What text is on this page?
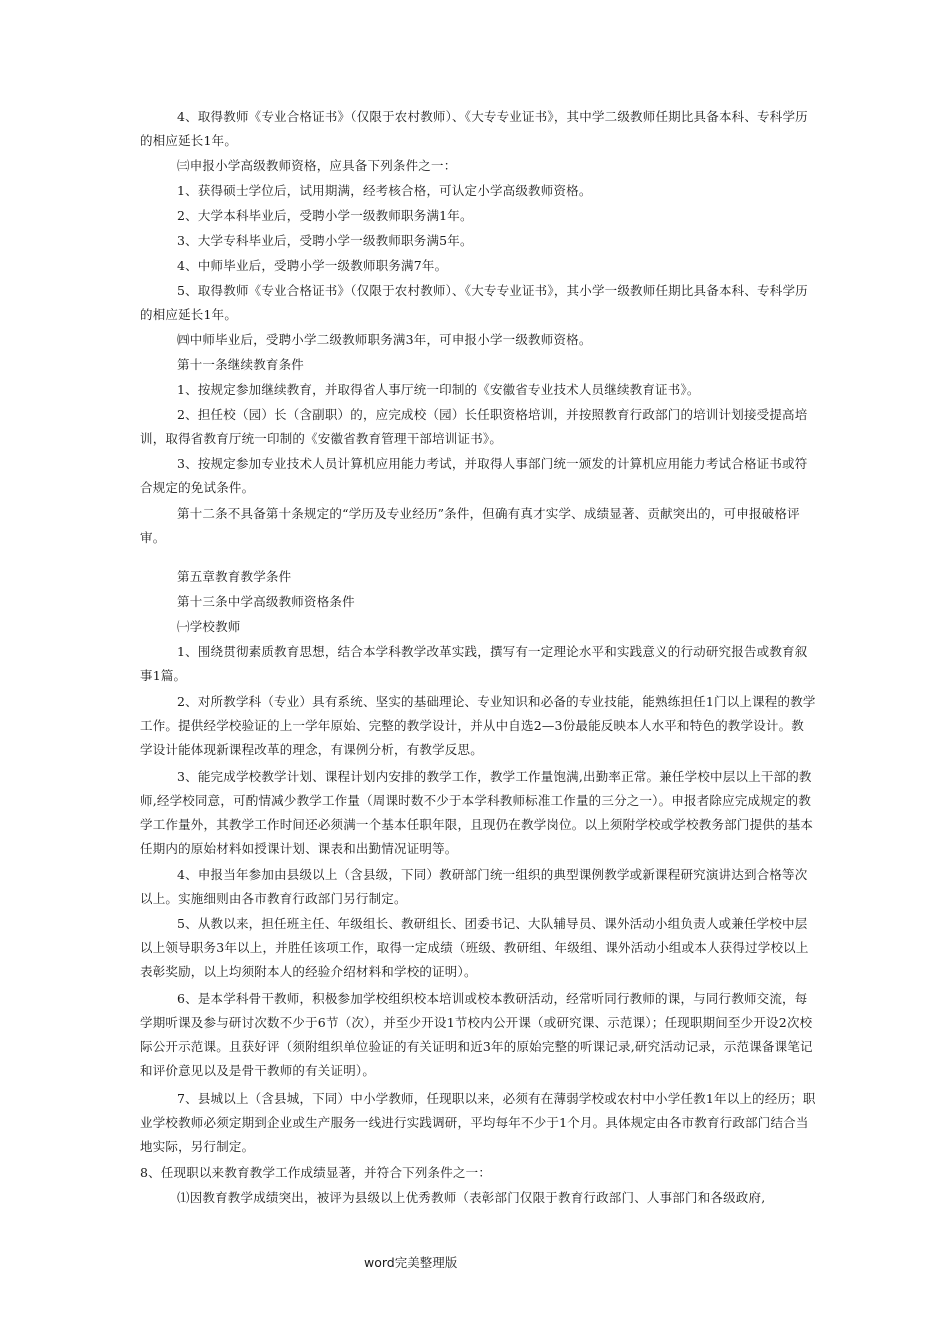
4、取得教师《专业合格证书》（仅限于农村教师）、《大专专业证书》，其中学二级教师任期比具备本科、专科学历的相应延长1年。

㈢申报小学高级教师资格，应具备下列条件之一：

1、获得硕士学位后，试用期满，经考核合格，可认定小学高级教师资格。

2、大学本科毕业后，受聘小学一级教师职务满1年。

3、大学专科毕业后，受聘小学一级教师职务满5年。

4、中师毕业后，受聘小学一级教师职务满7年。

5、取得教师《专业合格证书》（仅限于农村教师）、《大专专业证书》，其小学一级教师任期比具备本科、专科学历的相应延长1年。

㈣中师毕业后，受聘小学二级教师职务满3年，可申报小学一级教师资格。

第十一条继续教育条件

1、按规定参加继续教育，并取得省人事厅统一印制的《安徽省专业技术人员继续教育证书》。

2、担任校（园）长（含副职）的，应完成校（园）长任职资格培训，并按照教育行政部门的培训计划接受提高培训，取得省教育厅统一印制的《安徽省教育管理干部培训证书》。

3、按规定参加专业技术人员计算机应用能力考试，并取得人事部门统一颁发的计算机应用能力考试合格证书或符合规定的免试条件。

第十二条不具备第十条规定的“学历及专业经历”条件，但确有真才实学、成绩显著、贡献突出的，可申报破格评审。

第五章教育教学条件

第十三条中学高级教师资格条件

㈠学校教师

1、围绕贯彻素质教育思想，结合本学科教学改革实践，撰写有一定理论水平和实践意义的行动研究报告或教育叙事1篇。

2、对所教学科（专业）具有系统、坚实的基础理论、专业知识和必备的专业技能，能熟练担任1门以上课程的教学工作。提供经学校验证的上一学年原始、完整的教学设计，并从中自选2—3份最能反映本人水平和特色的教学设计。教学设计能体现新课程改革的理念，有课例分析，有教学反思。

3、能完成学校教学计划、课程计划内安排的教学工作，教学工作量饱满,出勤率正常。兼任学校中层以上干部的教师,经学校同意，可酌情减少教学工作量（周课时数不少于本学科教师标准工作量的三分之一）。申报者除应完成规定的教学工作量外，其教学工作时间还必须满一个基本任职年限，且现仍在教学岗位。以上须附学校或学校教务部门提供的基本任期内的原始材料如授课计划、课表和出勤情况证明等。

4、申报当年参加由县级以上（含县级，下同）教研部门统一组织的典型课例教学或新课程研究演讲达到合格等次以上。实施细则由各市教育行政部门另行制定。

5、从教以来，担任班主任、年级组长、教研组长、团委书记、大队辅导员、课外活动小组负责人或兼任学校中层以上领导职务3年以上，并胜任该项工作，取得一定成绩（班级、教研组、年级组、课外活动小组或本人获得过学校以上表彰奖励，以上均须附本人的经验介绍材料和学校的证明）。

6、是本学科骨干教师，积极参加学校组织校本培训或校本教研活动，经常听同行教师的课，与同行教师交流，每学期听课及参与研讨次数不少于6节（次），并至少开设1节校内公开课（或研究课、示范课）；任现职期间至少开设2次校际公开示范课。且获好评（须附组织单位验证的有关证明和近3年的原始完整的听课记录,研究活动记录，示范课备课笔记和评价意见以及是骨干教师的有关证明）。

7、县城以上（含县城，下同）中小学教师，任现职以来，必须有在薄弱学校或农村中小学任教1年以上的经历；职业学校教师必须定期到企业或生产服务一线进行实践调研，平均每年不少于1个月。具体规定由各市教育行政部门结合当地实际，另行制定。

8、任现职以来教育教学工作成绩显著，并符合下列条件之一：

⑴因教育教学成绩突出，被评为县级以上优秀教师（表彰部门仅限于教育行政部门、人事部门和各级政府,

word完美整理版
